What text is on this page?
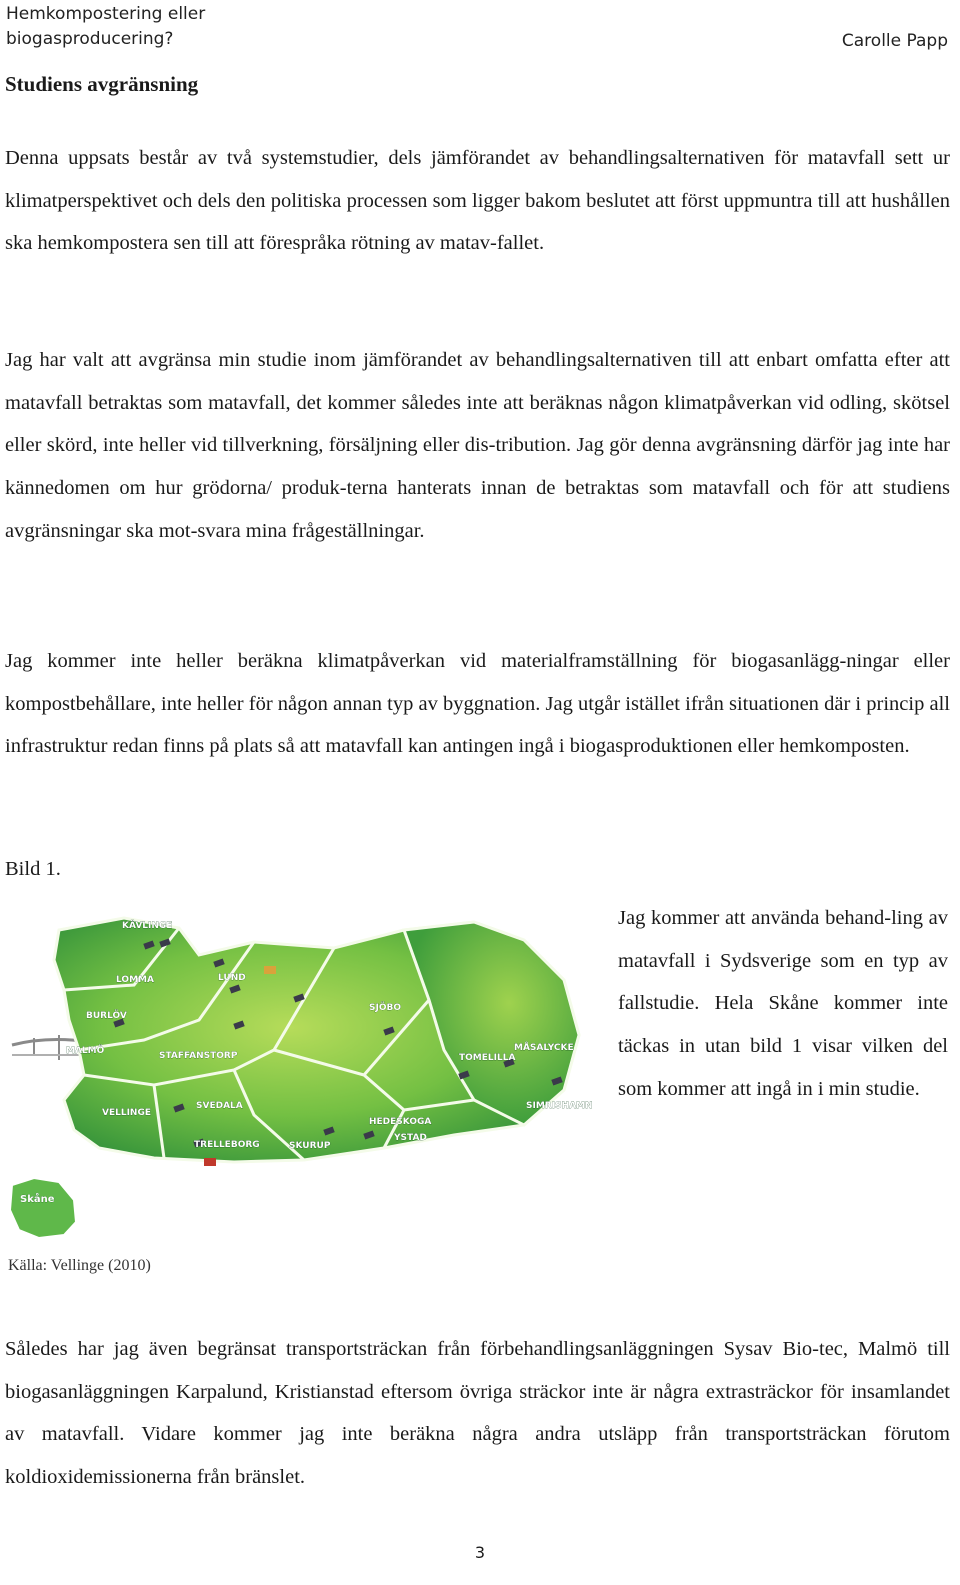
Hemkompostering eller
biogasproducering?	Carolle Papp
Studiens avgränsning

Denna uppsats består av två systemstudier, dels jämförandet av behandlingsalternativen för matavfall sett ur klimatperspektivet och dels den politiska processen som ligger bakom beslutet att först uppmuntra till att hushållen ska hemkompostera sen till att förespråka rötning av matav-fallet.

Jag har valt att avgränsa min studie inom jämförandet av behandlingsalternativen till att enbart omfatta efter att matavfall betraktas som matavfall, det kommer således inte att beräknas någon klimatpåverkan vid odling, skötsel eller skörd, inte heller vid tillverkning, försäljning eller dis-tribution. Jag gör denna avgränsning därför jag inte har kännedomen om hur grödorna/ produk-terna hanterats innan de betraktas som matavfall och för att studiens avgränsningar ska mot-svara mina frågeställningar.

Jag kommer inte heller beräkna klimatpåverkan vid materialframställning för biogasanlägg-ningar eller kompostbehållare, inte heller för någon annan typ av byggnation. Jag utgår istället ifrån situationen där i princip all infrastruktur redan finns på plats så att matavfall kan antingen ingå i biogasproduktionen eller hemkomposten.

Bild 1.

KÄVLINGE
LOMMA	LUND
BURLÖV
MALMÖ	STAFFANSTORP
SJÖBO
TOMELILLA
MÅSALYCKE
VELLINGE
SVEDALA	SIMRISHAMN
TRELLEBORG	SKURUP
HEDESKOGA
YSTAD
Skåne

Jag kommer att använda behand-ling av matavfall i Sydsverige som en typ av fallstudie. Hela Skåne kommer inte täckas in utan bild 1 visar vilken del som kommer att ingå in i min studie.

Källa: Vellinge (2010)

Således har jag även begränsat transportsträckan från förbehandlingsanläggningen Sysav Bio-tec, Malmö till biogasanläggningen Karpalund, Kristianstad eftersom övriga sträckor inte är några extrasträckor för insamlandet av matavfall. Vidare kommer jag inte beräkna några andra utsläpp från transportsträckan förutom koldioxidemissionerna från bränslet.

3
